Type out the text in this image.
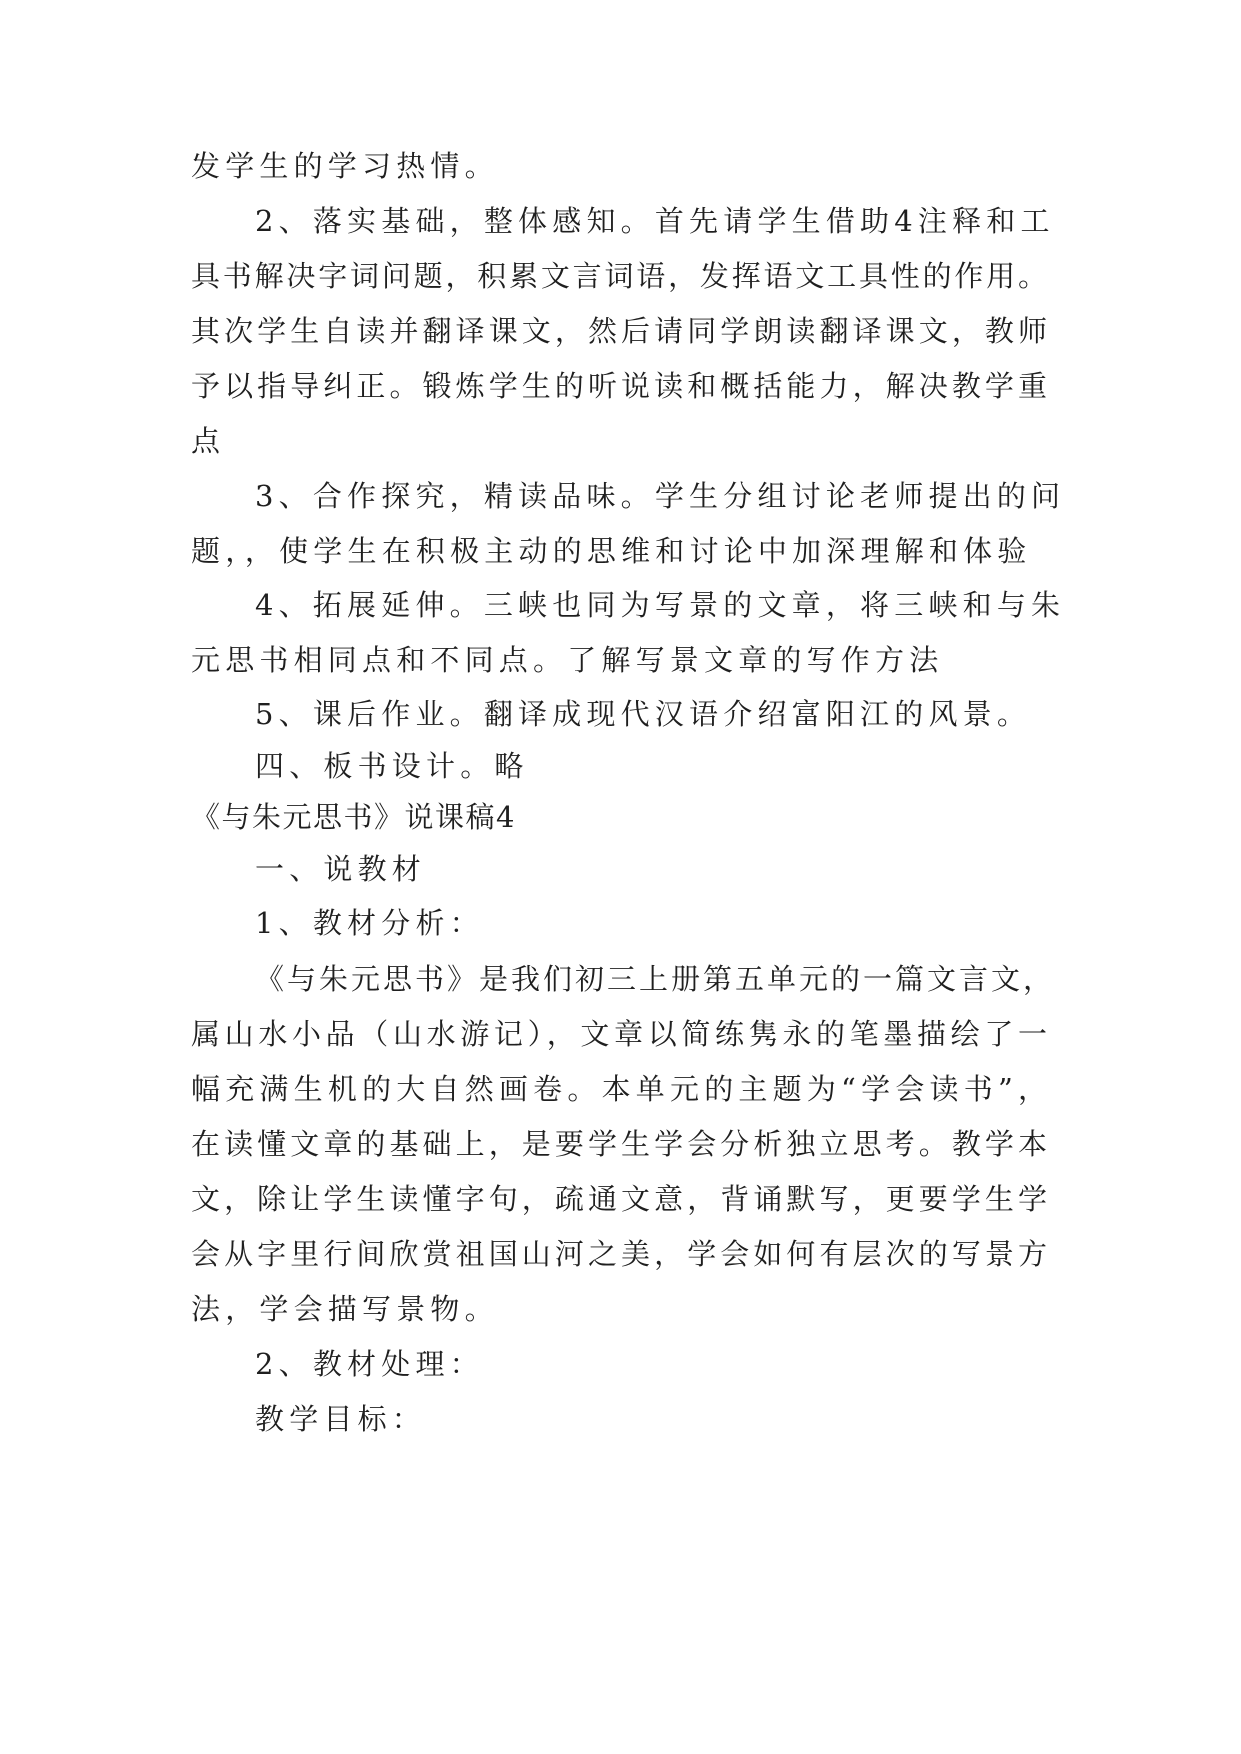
发学生的学习热情。
2、落实基础，整体感知。首先请学生借助4注释和工
具书解决字词问题，积累文言词语，发挥语文工具性的作用。
其次学生自读并翻译课文，然后请同学朗读翻译课文，教师
予以指导纠正。锻炼学生的听说读和概括能力，解决教学重
点
3、合作探究，精读品味。学生分组讨论老师提出的问
题，，使学生在积极主动的思维和讨论中加深理解和体验
4、拓展延伸。三峡也同为写景的文章，将三峡和与朱
元思书相同点和不同点。了解写景文章的写作方法
5、课后作业。翻译成现代汉语介绍富阳江的风景。
四、板书设计。略
《与朱元思书》说课稿4
一、说教材
1、教材分析：
《与朱元思书》是我们初三上册第五单元的一篇文言文，
属山水小品（山水游记），文章以简练隽永的笔墨描绘了一
幅充满生机的大自然画卷。本单元的主题为“学会读书”，
在读懂文章的基础上，是要学生学会分析独立思考。教学本
文，除让学生读懂字句，疏通文意，背诵默写，更要学生学
会从字里行间欣赏祖国山河之美，学会如何有层次的写景方
法，学会描写景物。
2、教材处理：
教学目标：
